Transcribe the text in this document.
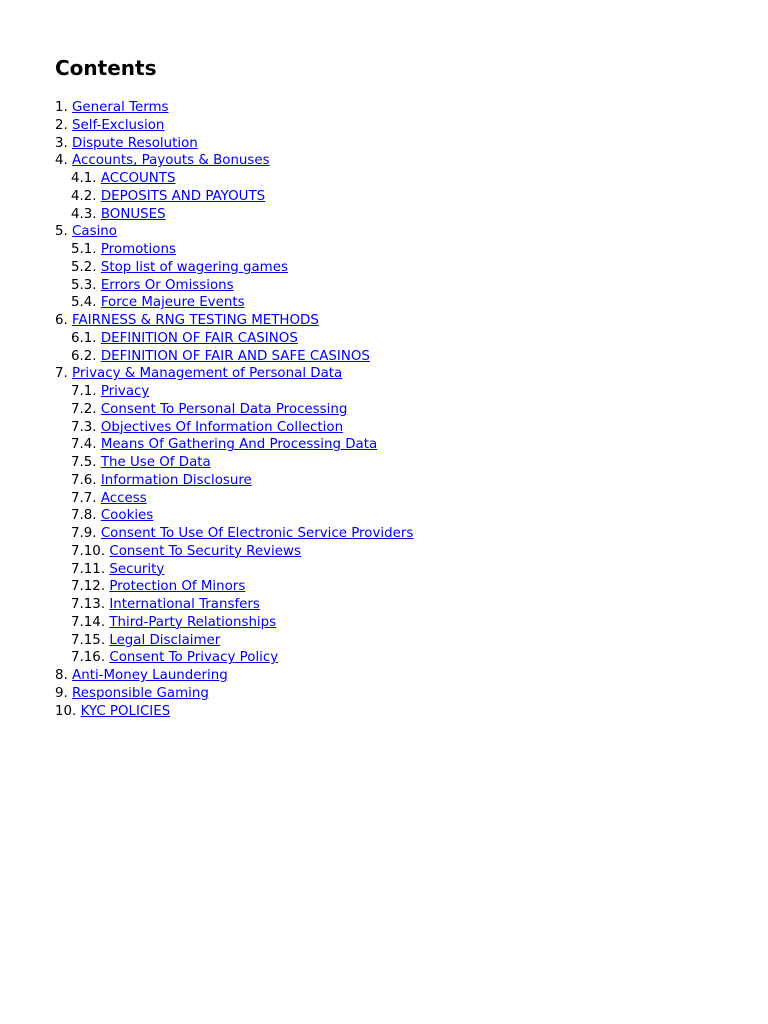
Contents
1. General Terms
2. Self-Exclusion
3. Dispute Resolution
4. Accounts, Payouts & Bonuses
4.1. ACCOUNTS
4.2. DEPOSITS AND PAYOUTS
4.3. BONUSES
5. Casino
5.1. Promotions
5.2. Stop list of wagering games
5.3. Errors Or Omissions
5.4. Force Majeure Events
6. FAIRNESS & RNG TESTING METHODS
6.1. DEFINITION OF FAIR CASINOS
6.2. DEFINITION OF FAIR AND SAFE CASINOS
7. Privacy & Management of Personal Data
7.1. Privacy
7.2. Consent To Personal Data Processing
7.3. Objectives Of Information Collection
7.4. Means Of Gathering And Processing Data
7.5. The Use Of Data
7.6. Information Disclosure
7.7. Access
7.8. Cookies
7.9. Consent To Use Of Electronic Service Providers
7.10. Consent To Security Reviews
7.11. Security
7.12. Protection Of Minors
7.13. International Transfers
7.14. Third-Party Relationships
7.15. Legal Disclaimer
7.16. Consent To Privacy Policy
8. Anti-Money Laundering
9. Responsible Gaming
10. KYC POLICIES
